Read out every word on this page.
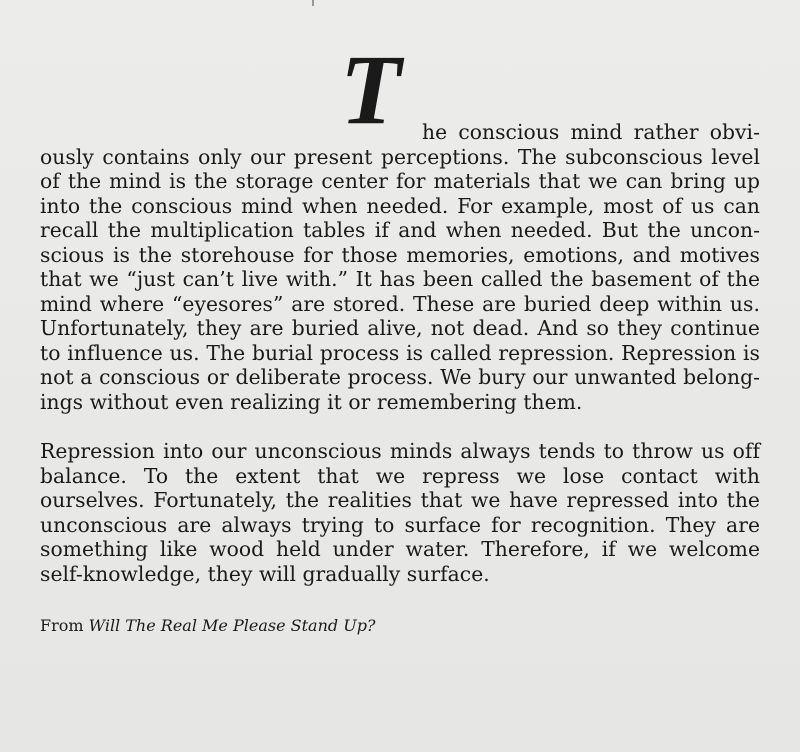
T	he conscious mind rather obvi-
ously contains only our present perceptions. The subconscious level of the mind is the storage center for materials that we can bring up into the conscious mind when needed. For example, most of us can recall the multiplication tables if and when needed. But the uncon-scious is the storehouse for those memories, emotions, and motives that we “just can’t live with.” It has been called the basement of the mind where “eyesores” are stored. These are buried deep within us. Unfortunately, they are buried alive, not dead. And so they continue to influence us. The burial process is called repression. Repression is not a conscious or deliberate process. We bury our unwanted belong-ings without even realizing it or remembering them.

Repression into our unconscious minds always tends to throw us off balance. To the extent that we repress we lose contact with ourselves. Fortunately, the realities that we have repressed into the unconscious are always trying to surface for recognition. They are something like wood held under water. Therefore, if we welcome self-knowledge, they will gradually surface.

From Will The Real Me Please Stand Up?
